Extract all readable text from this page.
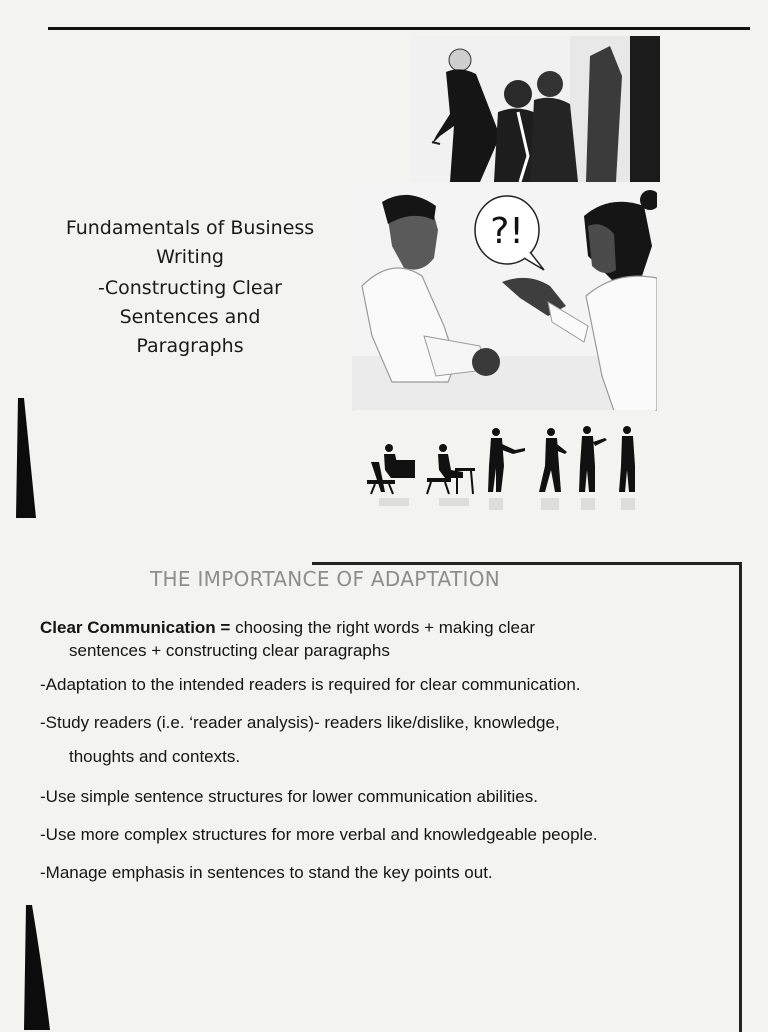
Fundamentals of Business
Writing
-Constructing Clear
Sentences and
Paragraphs
?!
THE IMPORTANCE OF ADAPTATION

Clear Communication = choosing the right words + making clear
sentences + constructing clear paragraphs

-Adaptation to the intended readers is required for clear communication.

-Study readers (i.e. ‘reader analysis)- readers like/dislike, knowledge,
thoughts and contexts.

-Use simple sentence structures for lower communication abilities.

-Use more complex structures for more verbal and knowledgeable people.

-Manage emphasis in sentences to stand the key points out.
